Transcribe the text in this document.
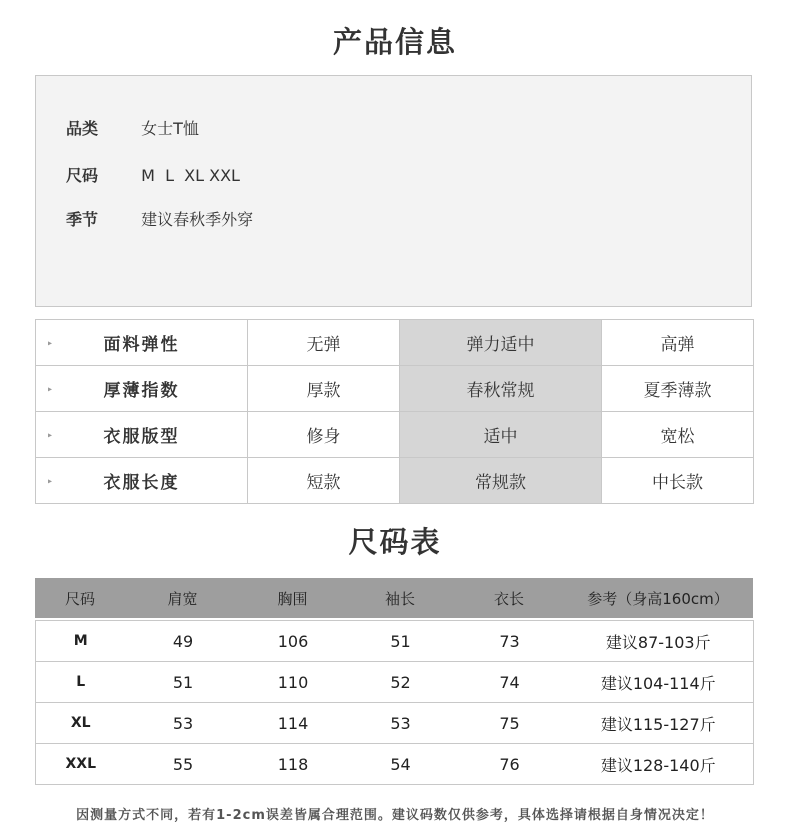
产品信息
品类	女士T恤
尺码	M  L  XL XXL
季节	建议春秋季外穿
▸ 面料弹性	无弹	弹力适中	高弹

▸ 厚薄指数	厚款	春秋常规	夏季薄款

▸ 衣服版型	修身	适中	宽松

▸ 衣服长度	短款	常规款	中长款
尺码表
尺码	肩宽	胸围	袖长	衣长	参考（身高160cm）
M	49	106	51	73	建议87-103斤
L	51	110	52	74	建议104-114斤
XL	53	114	53	75	建议115-127斤
XXL	55	118	54	76	建议128-140斤
因测量方式不同，若有1-2cm误差皆属合理范围。建议码数仅供参考，具体选择请根据自身情况决定！
